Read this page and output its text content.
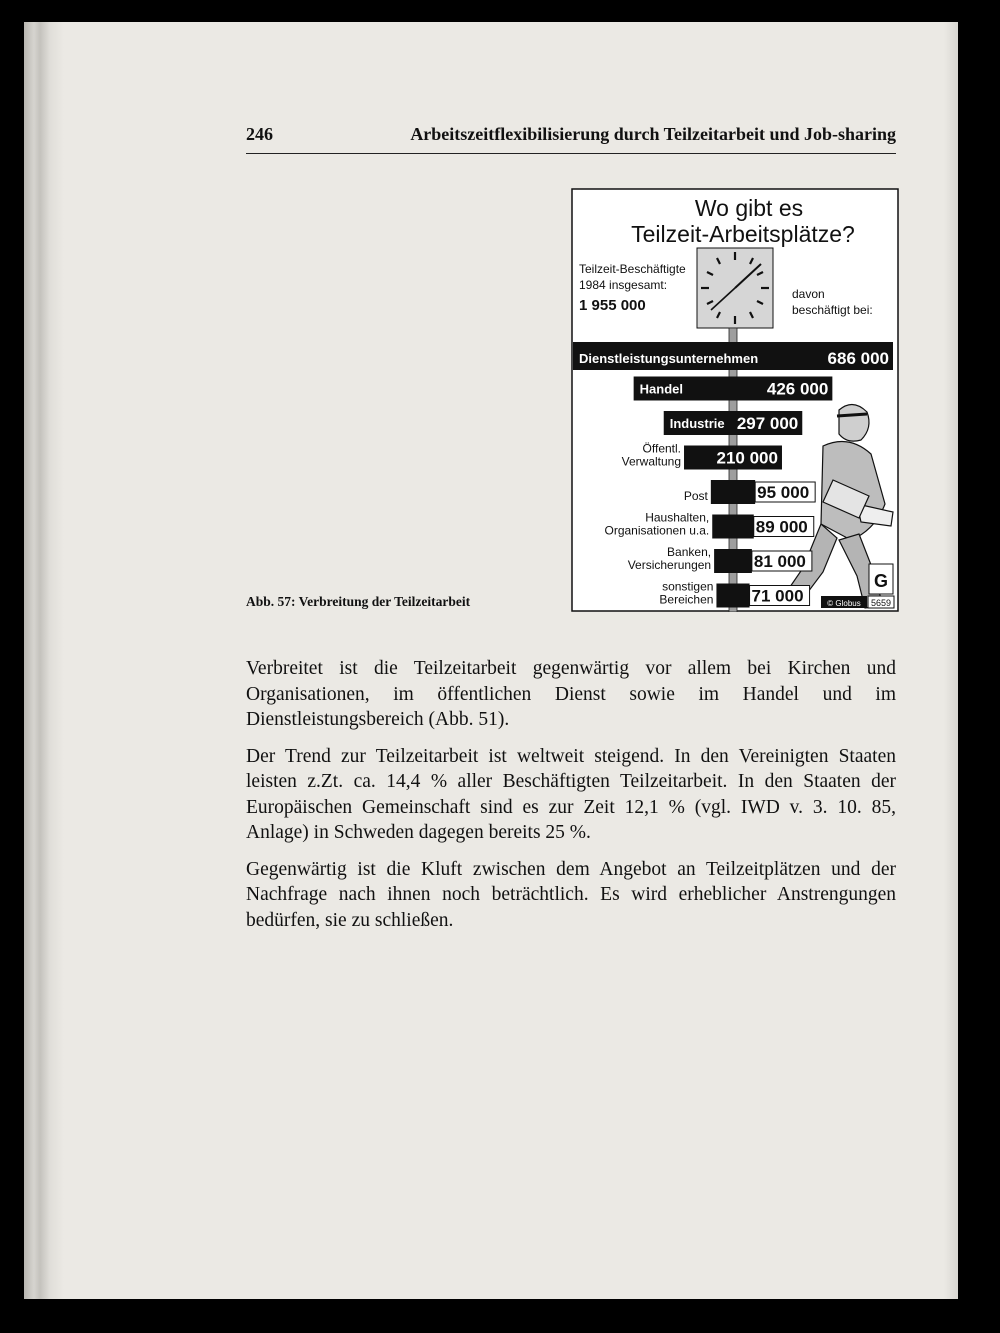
246	Arbeitszeitflexibilisierung durch Teilzeitarbeit und Job-sharing
Abb. 57: Verbreitung der Teilzeitarbeit
Wo gibt es
Teilzeit-Arbeitsplätze?
Teilzeit-Beschäftigte
1984 insgesamt:
1 955 000
davon
beschäftigt bei:
686 000
Dienstleistungsunternehmen
426 000
Handel
297 000
Industrie
210 000
Öffentl.
Verwaltung
95 000
Post
89 000
Haushalten,
Organisationen u.a.
81 000
Banken,
Versicherungen
71 000
sonstigen
Bereichen
G
© Globus 5659

Verbreitet ist die Teilzeitarbeit gegenwärtig vor allem bei Kirchen und Organisationen, im öffentlichen Dienst sowie im Handel und im Dienstleistungsbereich (Abb. 51).

Der Trend zur Teilzeitarbeit ist weltweit steigend. In den Vereinigten Staaten leisten z.Zt. ca. 14,4 % aller Beschäftigten Teilzeitarbeit. In den Staaten der Europäischen Gemeinschaft sind es zur Zeit 12,1 % (vgl. IWD v. 3. 10. 85, Anlage) in Schweden dagegen bereits 25 %.

Gegenwärtig ist die Kluft zwischen dem Angebot an Teilzeitplätzen und der Nachfrage nach ihnen noch beträchtlich. Es wird erheblicher Anstrengungen bedürfen, sie zu schließen.
